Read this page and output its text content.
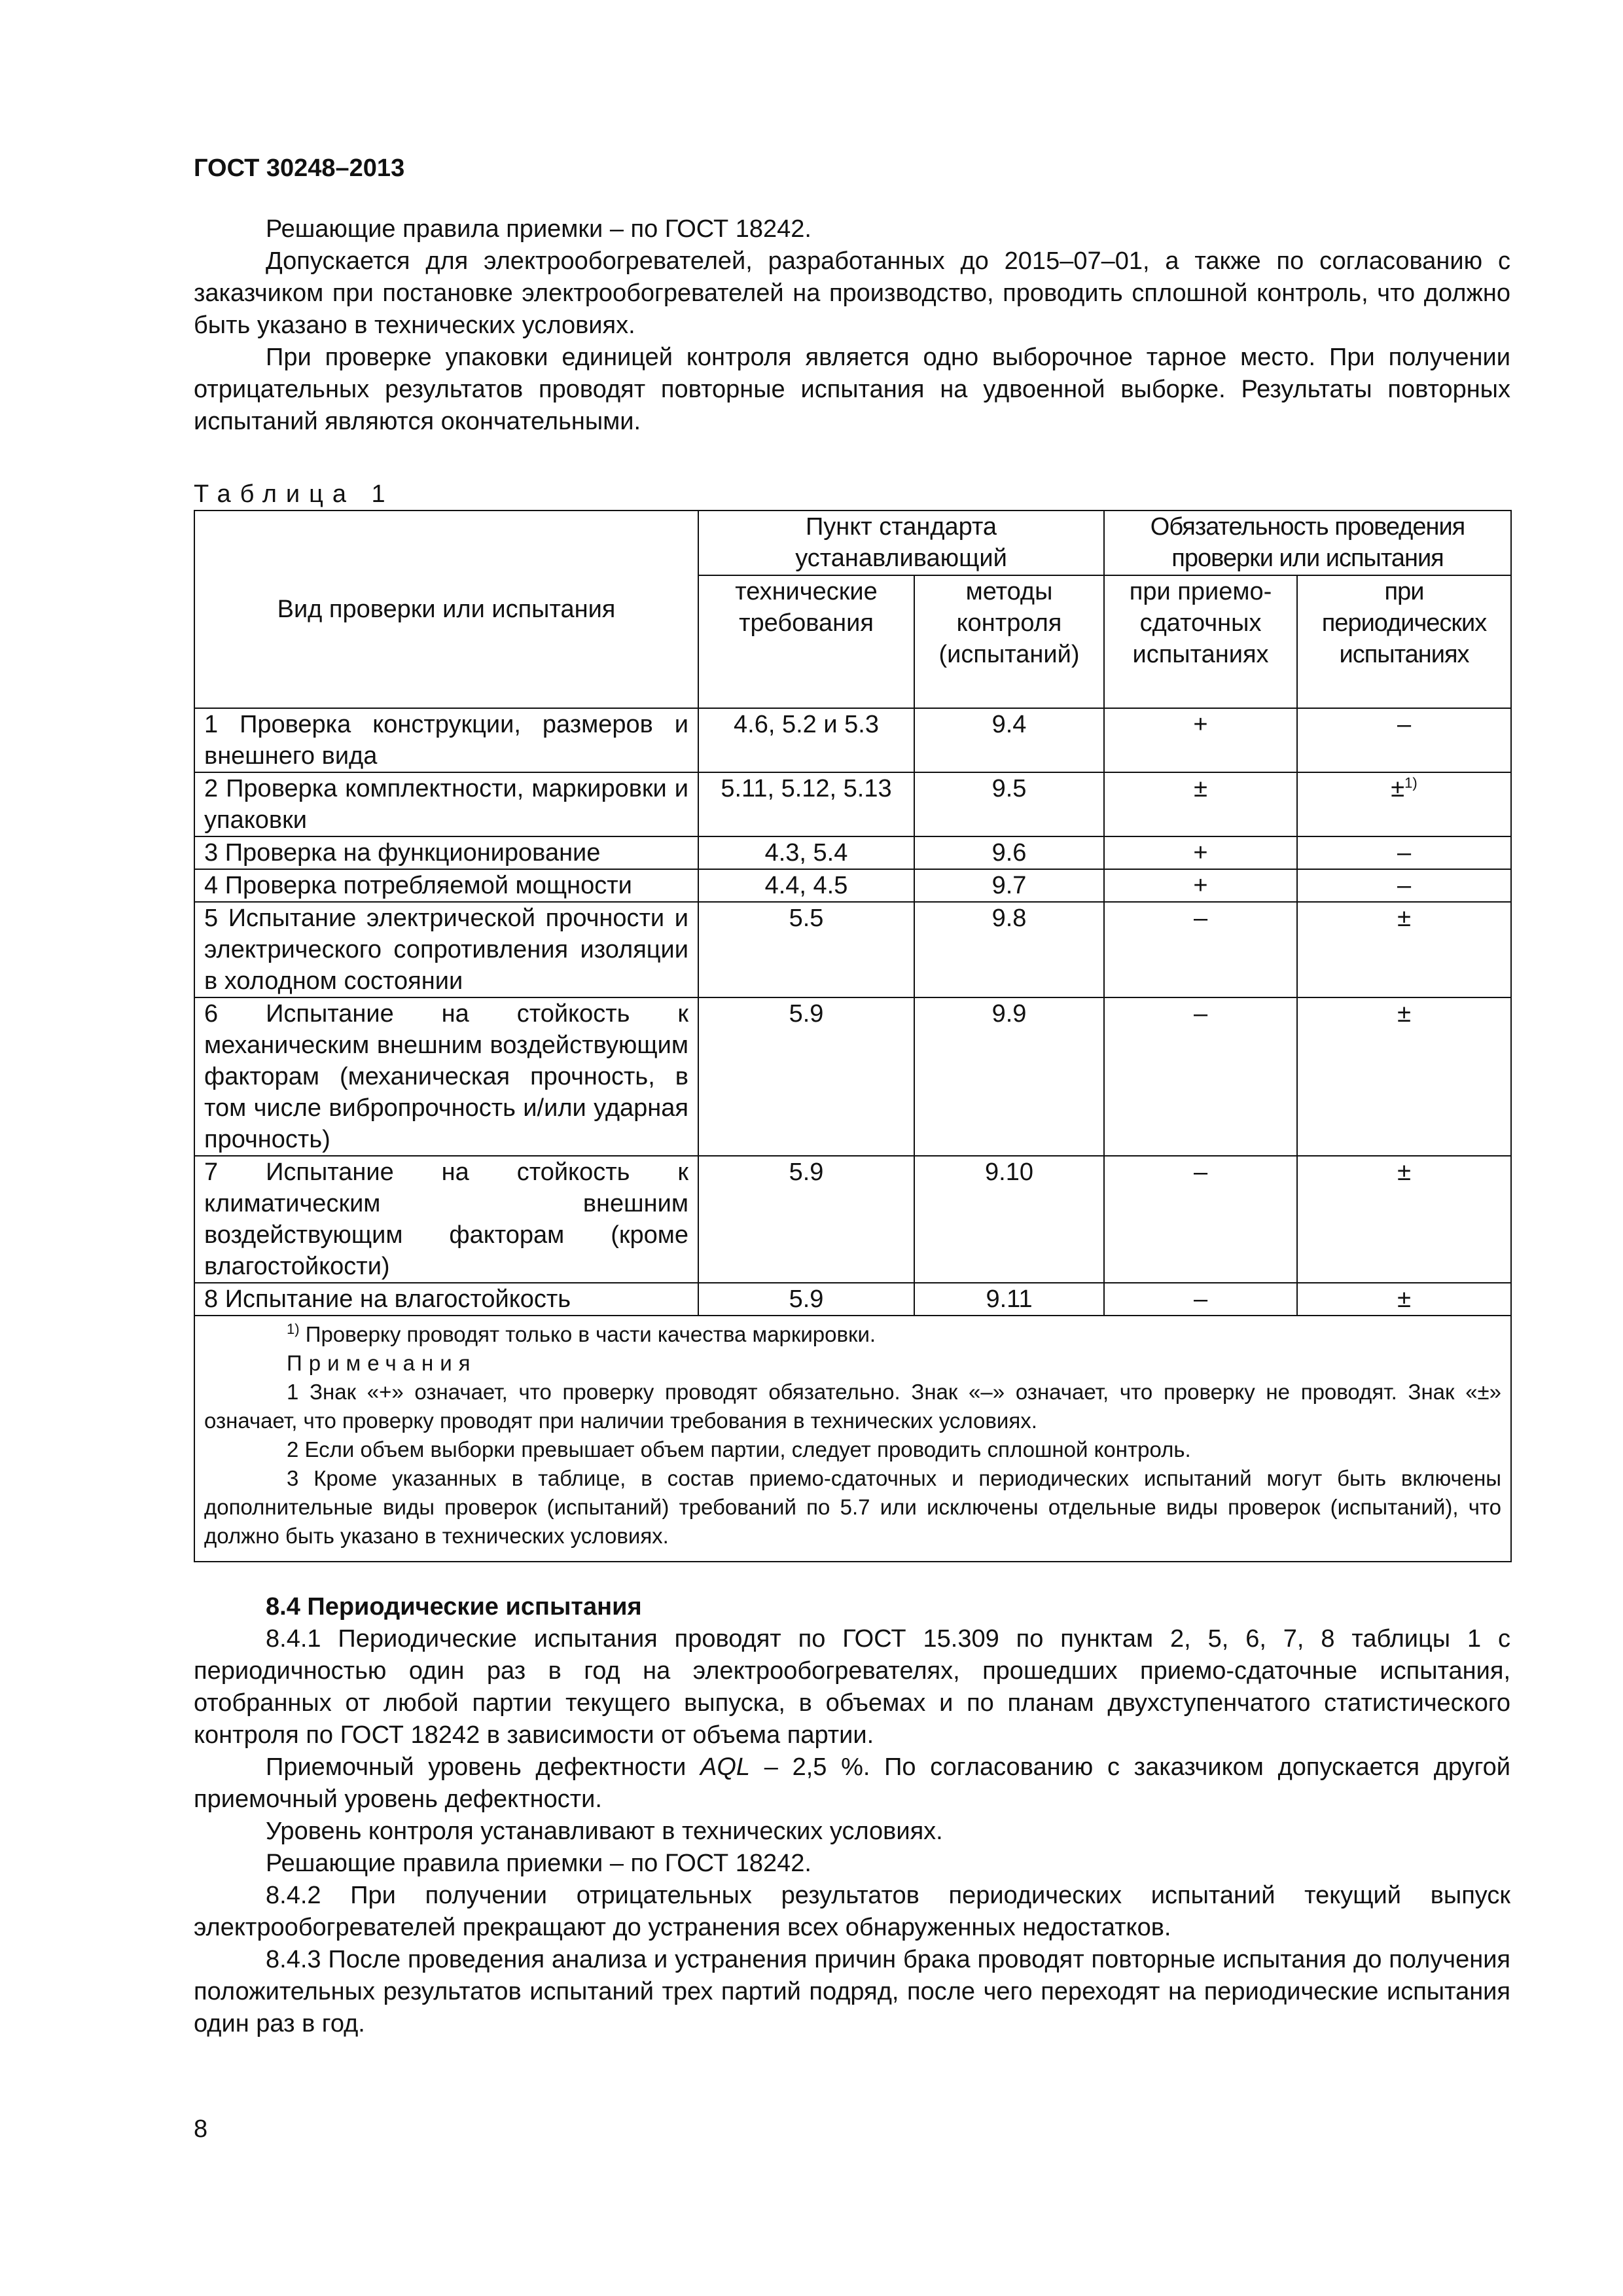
ГОСТ 30248–2013

Решающие правила приемки – по ГОСТ 18242.

Допускается для электрообогревателей, разработанных до 2015–07–01, а также по согласованию с заказчиком при постановке электрообогревателей на производство, проводить сплошной контроль, что должно быть указано в технических условиях.

При проверке упаковки единицей контроля является одно выборочное тарное место. При получении отрицательных результатов проводят повторные испытания на удвоенной выборке. Результаты повторных испытаний являются окончательными.

Таблица 1
Вид проверки или испытания	Пункт стандарта устанавливающий		Обязательность проведения проверки или испытания	
	технические требования	методы контроля (испытаний)	при приемо-сдаточных испытаниях	при периодических испытаниях
1 Проверка конструкции, размеров и внешнего вида	4.6, 5.2 и 5.3	9.4	+	–
2 Проверка комплектности, маркировки и упаковки	5.11, 5.12, 5.13	9.5	±	±$^{1)}$
3 Проверка на функционирование	4.3, 5.4	9.6	+	–
4 Проверка потребляемой мощности	4.4, 4.5	9.7	+	–
5 Испытание электрической прочности и электрического сопротивления изоляции в холодном состоянии	5.5	9.8	–	±
6 Испытание на стойкость к механическим внешним воздействующим факторам (механическая прочность, в том числе вибропрочность и/или ударная прочность)	5.9	9.9	–	±
7 Испытание на стойкость к климатическим внешним воздействующим факторам (кроме влагостойкости)	5.9	9.10	–	±
8 Испытание на влагостойкость	5.9	9.11	–	±

$^{1)}$ Проверку проводят только в части качества маркировки.
Примечания
1 Знак «+» означает, что проверку проводят обязательно. Знак «–» означает, что проверку не проводят. Знак «±» означает, что проверку проводят при наличии требования в технических условиях.
2 Если объем выборки превышает объем партии, следует проводить сплошной контроль.
3 Кроме указанных в таблице, в состав приемо-сдаточных и периодических испытаний могут быть включены дополнительные виды проверок (испытаний) требований по 5.7 или исключены отдельные виды проверок (испытаний), что должно быть указано в технических условиях.				

8.4 Периодические испытания

8.4.1 Периодические испытания проводят по ГОСТ 15.309 по пунктам 2, 5, 6, 7, 8 таблицы 1 с периодичностью один раз в год на электрообогревателях, прошедших приемо-сдаточные испытания, отобранных от любой партии текущего выпуска, в объемах и по планам двухступенчатого статистического контроля по ГОСТ 18242 в зависимости от объема партии.

Приемочный уровень дефектности AQL – 2,5 %. По согласованию с заказчиком допускается другой приемочный уровень дефектности.

Уровень контроля устанавливают в технических условиях.

Решающие правила приемки – по ГОСТ 18242.

8.4.2 При получении отрицательных результатов периодических испытаний текущий выпуск электрообогревателей прекращают до устранения всех обнаруженных недостатков.

8.4.3 После проведения анализа и устранения причин брака проводят повторные испытания до получения положительных результатов испытаний трех партий подряд, после чего переходят на периодические испытания один раз в год.

8
